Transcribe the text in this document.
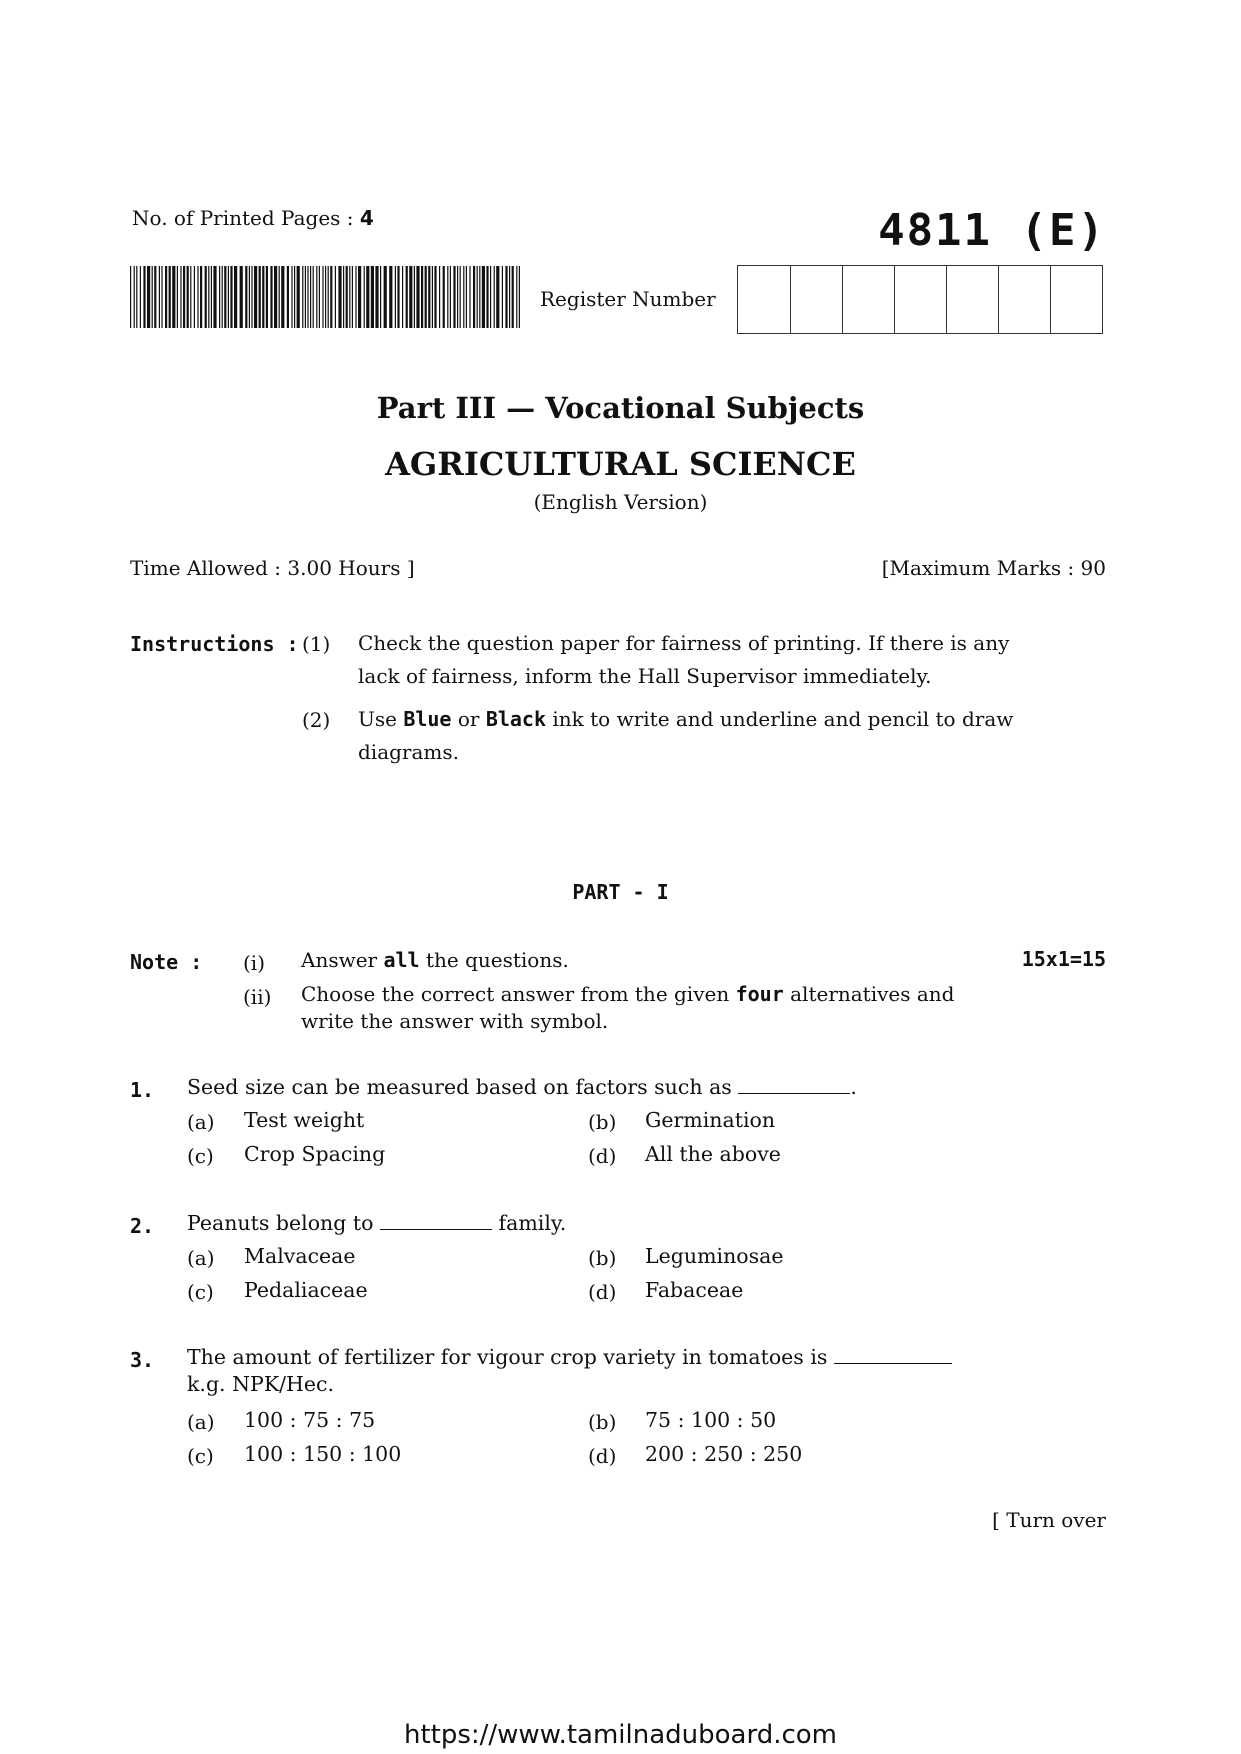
No. of Printed Pages : 4	4811 (E)
Register Number
Part III — Vocational Subjects
AGRICULTURAL SCIENCE
(English Version)
Time Allowed : 3.00 Hours ]	[Maximum Marks : 90
Instructions : (1) Check the question paper for fairness of printing. If there is any
lack of fairness, inform the Hall Supervisor immediately.
(2) Use Blue or Black ink to write and underline and pencil to draw
diagrams.
PART - I
Note :	15x1=15
(i) Answer all the questions.
(ii) Choose the correct answer from the given four alternatives and
write the answer with symbol.
1. Seed size can be measured based on factors such as	.
(a) Test weight	(b) Germination
(c) Crop Spacing	(d) All the above
2. Peanuts belong to	family.
(a) Malvaceae	(b) Leguminosae
(c) Pedaliaceae	(d) Fabaceae
3. The amount of fertilizer for vigour crop variety in tomatoes is
k.g. NPK/Hec.
(a) 100 : 75 : 75	(b) 75 : 100 : 50
(c) 100 : 150 : 100	(d) 200 : 250 : 250
[ Turn over
https://www.tamilnaduboard.com
